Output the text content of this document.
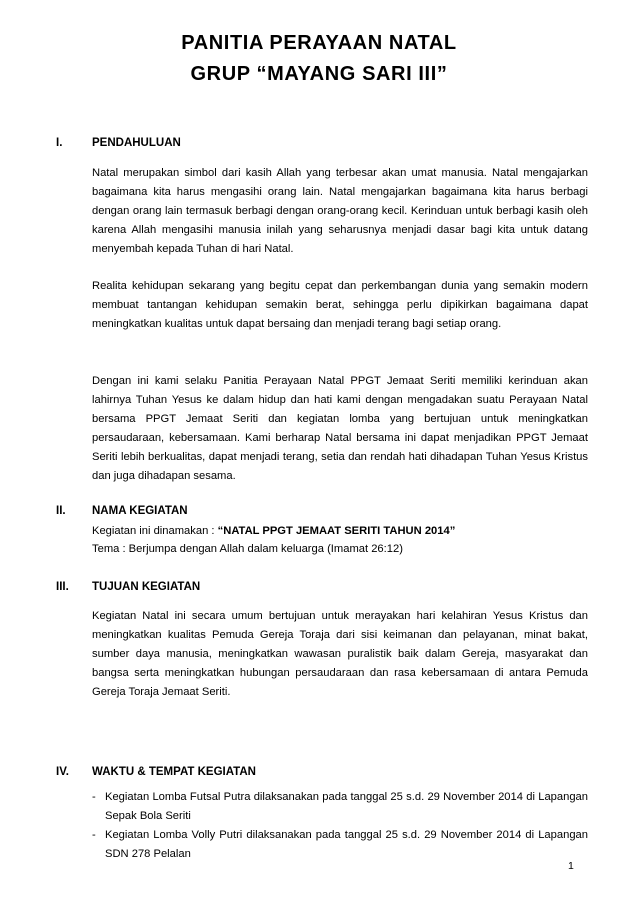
PANITIA PERAYAAN NATAL
GRUP “MAYANG SARI III”
I.	PENDAHULUAN
Natal merupakan simbol dari kasih Allah yang terbesar akan umat manusia. Natal mengajarkan bagaimana kita harus mengasihi orang lain. Natal mengajarkan bagaimana kita harus berbagi dengan orang lain termasuk berbagi dengan orang-orang kecil. Kerinduan untuk berbagi kasih oleh karena Allah mengasihi manusia inilah yang seharusnya menjadi dasar bagi kita untuk datang menyembah kepada Tuhan di hari Natal.
Realita kehidupan sekarang yang begitu cepat dan perkembangan dunia yang semakin modern membuat tantangan kehidupan semakin berat, sehingga perlu dipikirkan bagaimana dapat meningkatkan kualitas untuk dapat bersaing dan menjadi terang bagi setiap orang.
Dengan ini kami selaku Panitia Perayaan Natal PPGT Jemaat Seriti memiliki kerinduan akan lahirnya Tuhan Yesus ke dalam hidup dan hati kami dengan mengadakan suatu Perayaan Natal bersama PPGT Jemaat Seriti dan kegiatan lomba yang bertujuan untuk meningkatkan persaudaraan, kebersamaan. Kami berharap Natal bersama ini dapat menjadikan PPGT Jemaat Seriti lebih berkualitas, dapat menjadi terang, setia dan rendah hati dihadapan Tuhan Yesus Kristus dan juga dihadapan sesama.
II. NAMA KEGIATAN
Kegiatan ini dinamakan : “NATAL PPGT JEMAAT SERITI TAHUN 2014”
Tema : Berjumpa dengan Allah dalam keluarga (Imamat 26:12)
III. TUJUAN KEGIATAN
Kegiatan Natal ini secara umum bertujuan untuk merayakan hari kelahiran Yesus Kristus dan meningkatkan kualitas Pemuda Gereja Toraja dari sisi keimanan dan pelayanan, minat bakat, sumber daya manusia, meningkatkan wawasan puralistik baik dalam Gereja, masyarakat dan bangsa serta meningkatkan hubungan persaudaraan dan rasa kebersamaan di antara Pemuda Gereja Toraja Jemaat Seriti.
IV. WAKTU & TEMPAT KEGIATAN
- Kegiatan Lomba Futsal Putra dilaksanakan pada tanggal 25 s.d. 29 November 2014 di Lapangan Sepak Bola Seriti
- Kegiatan Lomba Volly Putri dilaksanakan pada tanggal 25 s.d. 29 November 2014 di Lapangan SDN 278 Pelalan
1
